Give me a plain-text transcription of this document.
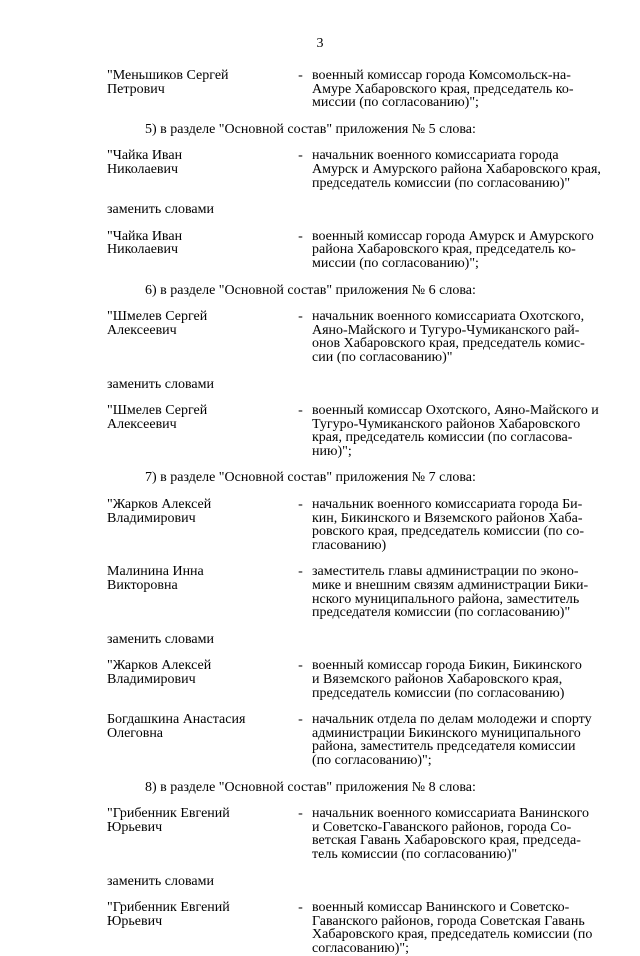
3
"Меньшиков Сергей
Петрович
- военный комиссар города Комсомольск-на-
Амуре Хабаровского края, председатель ко-
миссии (по согласованию)";
5) в разделе "Основной состав" приложения № 5 слова:
"Чайка Иван
Николаевич
- начальник военного комиссариата города
Амурск и Амурского района Хабаровского края,
председатель комиссии (по согласованию)"
заменить словами
"Чайка Иван
Николаевич
- военный комиссар города Амурск и Амурского
района Хабаровского края, председатель ко-
миссии (по согласованию)";
6) в разделе "Основной состав" приложения № 6 слова:
"Шмелев Сергей
Алексеевич
- начальник военного комиссариата Охотского,
Аяно-Майского и Тугуро-Чумиканского рай-
онов Хабаровского края, председатель комис-
сии (по согласованию)"
заменить словами
"Шмелев Сергей
Алексеевич
- военный комиссар Охотского, Аяно-Майского и
Тугуро-Чумиканского районов Хабаровского
края, председатель комиссии (по согласова-
нию)";
7) в разделе "Основной состав" приложения № 7 слова:
"Жарков Алексей
Владимирович
- начальник военного комиссариата города Би-
кин, Бикинского и Вяземского районов Хаба-
ровского края, председатель комиссии (по со-
гласованию)
Малинина Инна
Викторовна
- заместитель главы администрации по эконо-
мике и внешним связям администрации Бики-
нского муниципального района, заместитель
председателя комиссии (по согласованию)"
заменить словами
"Жарков Алексей
Владимирович
- военный комиссар города Бикин, Бикинского
и Вяземского районов Хабаровского края,
председатель комиссии (по согласованию)
Богдашкина Анастасия
Олеговна
- начальник отдела по делам молодежи и спорту
администрации Бикинского муниципального
района, заместитель председателя комиссии
(по согласованию)";
8) в разделе "Основной состав" приложения № 8 слова:
"Грибенник Евгений
Юрьевич
- начальник военного комиссариата Ванинского
и Советско-Гаванского районов, города Со-
ветская Гавань Хабаровского края, председа-
тель комиссии (по согласованию)"
заменить словами
"Грибенник Евгений
Юрьевич
- военный комиссар Ванинского и Советско-
Гаванского районов, города Советская Гавань
Хабаровского края, председатель комиссии (по
согласованию)";
